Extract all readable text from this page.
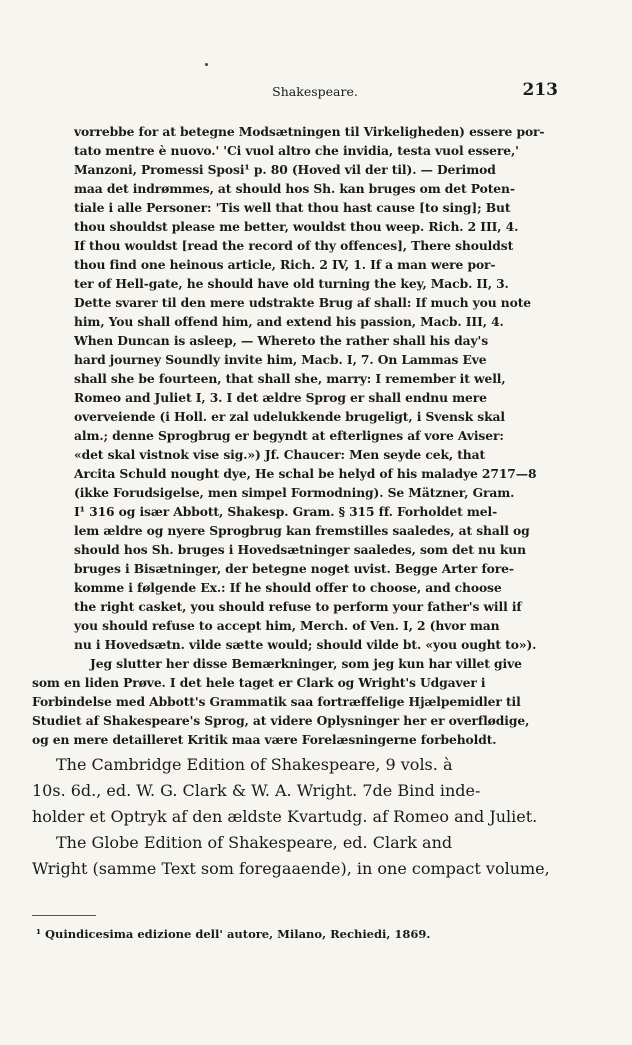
Shakespeare.	213
vorrebbe for at betegne Modsætningen til Virkeligheden) essere por-
tato mentre è nuovo.' 'Ci vuol altro che invidia, testa vuol essere,'
Manzoni, Promessi Sposi¹ p. 80 (Hoved vil der til). — Derimod
maa det indrømmes, at should hos Sh. kan bruges om det Poten-
tiale i alle Personer: 'Tis well that thou hast cause [to sing]; But
thou shouldst please me better, wouldst thou weep. Rich. 2 III, 4.
If thou wouldst [read the record of thy offences], There shouldst
thou find one heinous article, Rich. 2 IV, 1. If a man were por-
ter of Hell-gate, he should have old turning the key, Macb. II, 3.
Dette svarer til den mere udstrakte Brug af shall: If much you note
him, You shall offend him, and extend his passion, Macb. III, 4.
When Duncan is asleep, — Whereto the rather shall his day's
hard journey Soundly invite him, Macb. I, 7. On Lammas Eve
shall she be fourteen, that shall she, marry: I remember it well,
Romeo and Juliet I, 3. I det ældre Sprog er shall endnu mere
overveiende (i Holl. er zal udelukkende brugeligt, i Svensk skal
alm.; denne Sprogbrug er begyndt at efterlignes af vore Aviser:
«det skal vistnok vise sig.») Jf. Chaucer: Men seyde cek, that
Arcita Schuld nought dye, He schal be helyd of his maladye 2717—8
(ikke Forudsigelse, men simpel Formodning). Se Mätzner, Gram.
I¹ 316 og især Abbott, Shakesp. Gram. § 315 ff. Forholdet mel-
lem ældre og nyere Sprogbrug kan fremstilles saaledes, at shall og
should hos Sh. bruges i Hovedsætninger saaledes, som det nu kun
bruges i Bisætninger, der betegne noget uvist. Begge Arter fore-
komme i følgende Ex.: If he should offer to choose, and choose
the right casket, you should refuse to perform your father's will if
you should refuse to accept him, Merch. of Ven. I, 2 (hvor man
nu i Hovedsætn. vilde sætte would; should vilde bt. «you ought to»).
Jeg slutter her disse Bemærkninger, som jeg kun har villet give
som en liden Prøve. I det hele taget er Clark og Wright's Udgaver i
Forbindelse med Abbott's Grammatik saa fortræffelige Hjælpemidler til
Studiet af Shakespeare's Sprog, at videre Oplysninger her er overflødige,
og en mere detailleret Kritik maa være Forelæsningerne forbeholdt.
The Cambridge Edition of Shakespeare, 9 vols. à
10s. 6d., ed. W. G. Clark & W. A. Wright. 7de Bind inde-
holder et Optryk af den ældste Kvartudg. af Romeo and Juliet.
The Globe Edition of Shakespeare, ed. Clark and
Wright (samme Text som foregaaende), in one compact volume,
¹ Quindicesima edizione dell' autore, Milano, Rechiedi, 1869.
